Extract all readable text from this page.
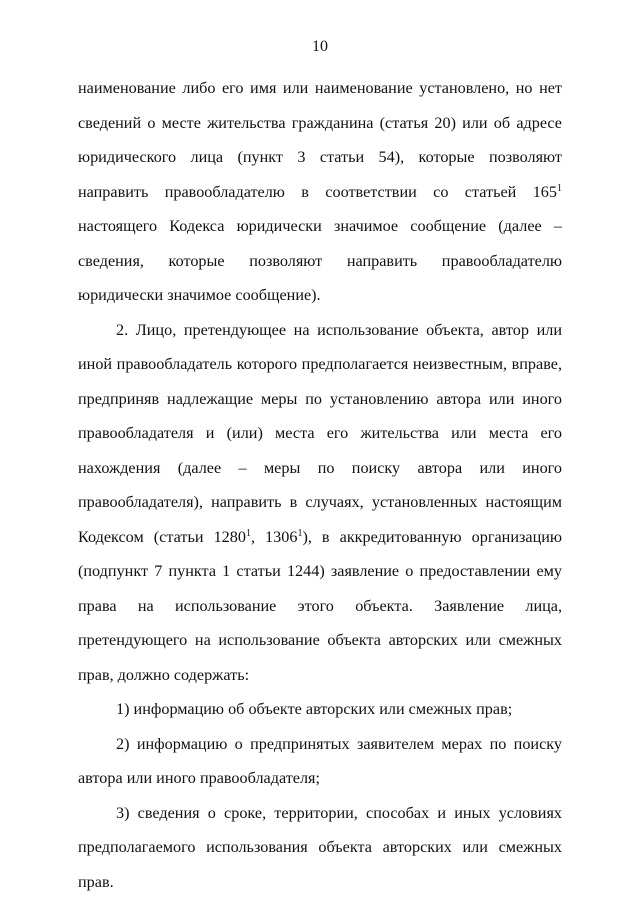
10

наименование либо его имя или наименование установлено, но нет сведений о месте жительства гражданина (статья 20) или об адресе юридического лица (пункт 3 статьи 54), которые позволяют направить правообладателю в соответствии со статьей $165^1$ настоящего Кодекса юридически значимое сообщение (далее – сведения, которые позволяют направить правообладателю юридически значимое сообщение).

2. Лицо, претендующее на использование объекта, автор или иной правообладатель которого предполагается неизвестным, вправе, предприняв надлежащие меры по установлению автора или иного правообладателя и (или) места его жительства или места его нахождения (далее – меры по поиску автора или иного правообладателя), направить в случаях, установленных настоящим Кодексом (статьи 1280$^1$, 1306$^1$), в аккредитованную организацию (подпункт 7 пункта 1 статьи 1244) заявление о предоставлении ему права на использование этого объекта. Заявление лица, претендующего на использование объекта авторских или смежных прав, должно содержать:

1) информацию об объекте авторских или смежных прав;

2) информацию о предпринятых заявителем мерах по поиску автора или иного правообладателя;

3) сведения о сроке, территории, способах и иных условиях предполагаемого использования объекта авторских или смежных прав.
